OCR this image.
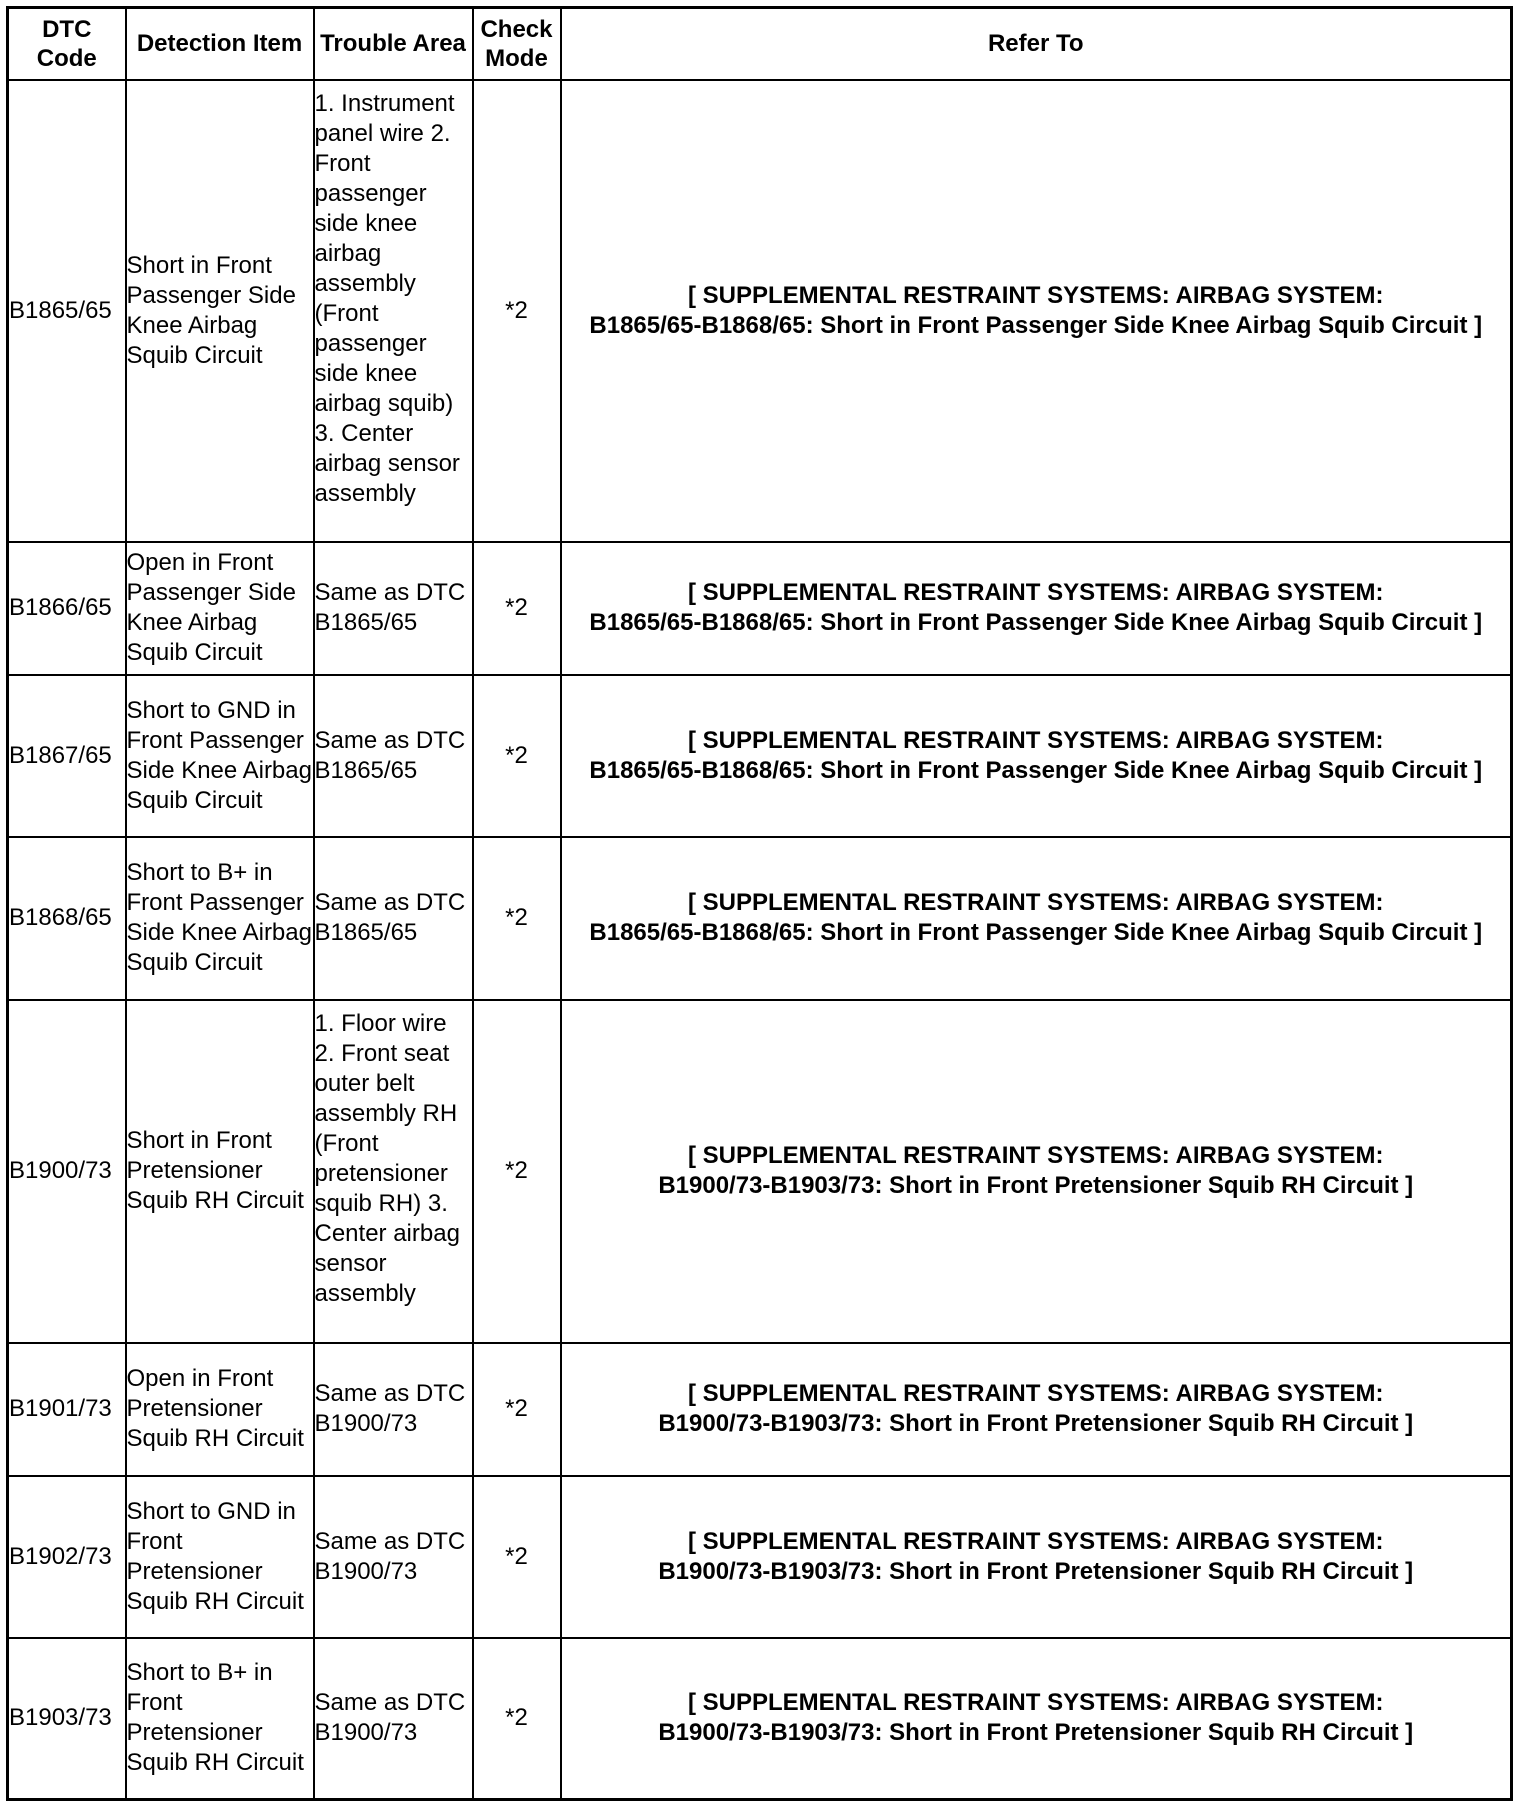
DTC Code	Detection Item	Trouble Area	Check Mode	Refer To
B1865/65	Short in Front Passenger Side Knee Airbag Squib Circuit	1. Instrument panel wire 2. Front passenger side knee airbag assembly (Front passenger side knee airbag squib) 3. Center airbag sensor assembly	*2	[ SUPPLEMENTAL RESTRAINT SYSTEMS: AIRBAG SYSTEM:
B1865/65-B1868/65: Short in Front Passenger Side Knee Airbag Squib Circuit ]

B1866/65	Open in Front Passenger Side Knee Airbag Squib Circuit	Same as DTC B1865/65	*2	[ SUPPLEMENTAL RESTRAINT SYSTEMS: AIRBAG SYSTEM:
B1865/65-B1868/65: Short in Front Passenger Side Knee Airbag Squib Circuit ]

B1867/65	Short to GND in Front Passenger Side Knee Airbag Squib Circuit	Same as DTC B1865/65	*2	[ SUPPLEMENTAL RESTRAINT SYSTEMS: AIRBAG SYSTEM:
B1865/65-B1868/65: Short in Front Passenger Side Knee Airbag Squib Circuit ]

B1868/65	Short to B+ in Front Passenger Side Knee Airbag Squib Circuit	Same as DTC B1865/65	*2	[ SUPPLEMENTAL RESTRAINT SYSTEMS: AIRBAG SYSTEM:
B1865/65-B1868/65: Short in Front Passenger Side Knee Airbag Squib Circuit ]

B1900/73	Short in Front Pretensioner Squib RH Circuit	1. Floor wire 2. Front seat outer belt assembly RH (Front pretensioner squib RH) 3. Center airbag sensor assembly	*2	[ SUPPLEMENTAL RESTRAINT SYSTEMS: AIRBAG SYSTEM:
B1900/73-B1903/73: Short in Front Pretensioner Squib RH Circuit ]

B1901/73	Open in Front Pretensioner Squib RH Circuit	Same as DTC B1900/73	*2	[ SUPPLEMENTAL RESTRAINT SYSTEMS: AIRBAG SYSTEM:
B1900/73-B1903/73: Short in Front Pretensioner Squib RH Circuit ]

B1902/73	Short to GND in Front Pretensioner Squib RH Circuit	Same as DTC B1900/73	*2	[ SUPPLEMENTAL RESTRAINT SYSTEMS: AIRBAG SYSTEM:
B1900/73-B1903/73: Short in Front Pretensioner Squib RH Circuit ]

B1903/73	Short to B+ in Front Pretensioner Squib RH Circuit	Same as DTC B1900/73	*2	[ SUPPLEMENTAL RESTRAINT SYSTEMS: AIRBAG SYSTEM:
B1900/73-B1903/73: Short in Front Pretensioner Squib RH Circuit ]
